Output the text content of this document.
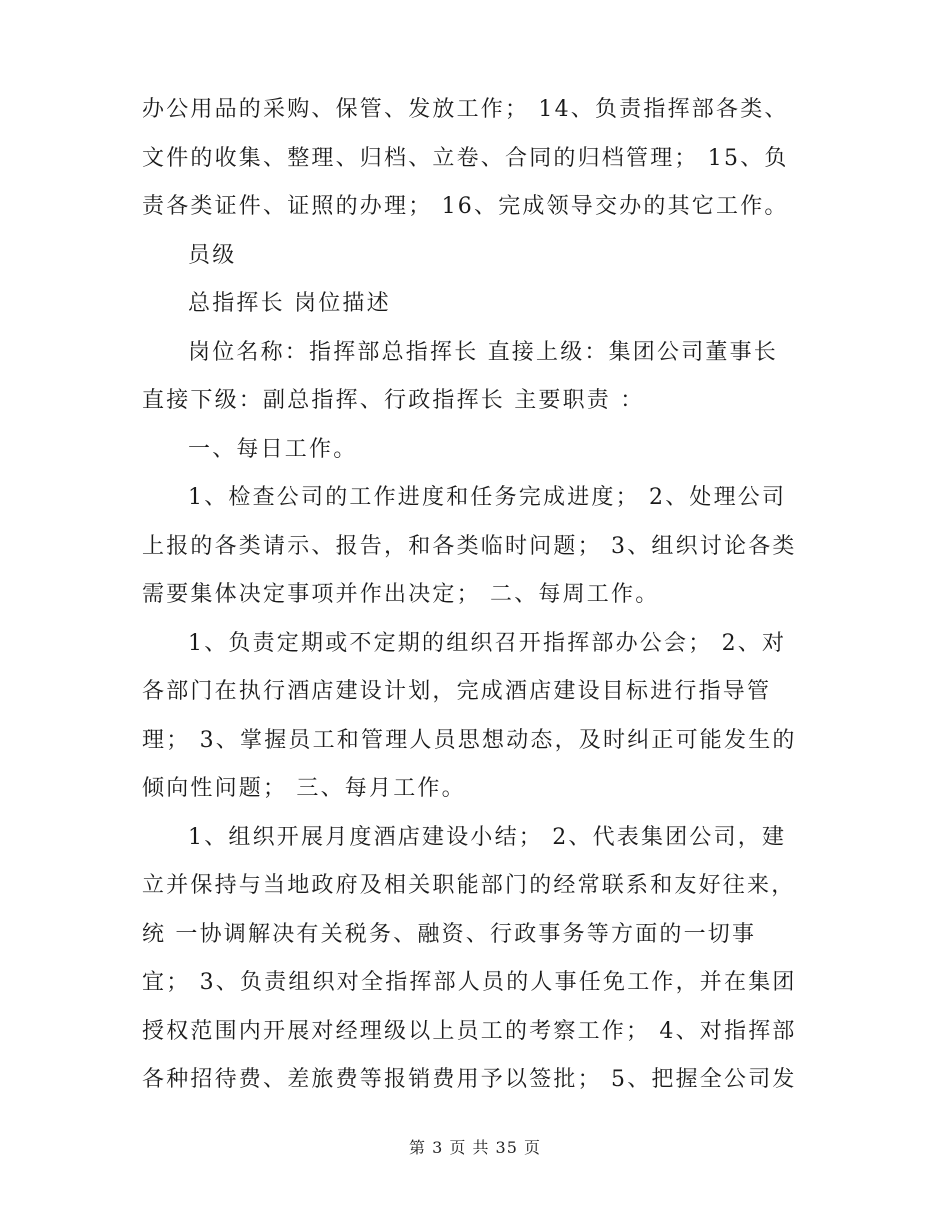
办公用品的采购、保管、发放工作； 14、负责指挥部各类、
文件的收集、整理、归档、立卷、合同的归档管理； 15、负
责各类证件、证照的办理； 16、完成领导交办的其它工作。
员级
总指挥长 岗位描述
岗位名称：指挥部总指挥长 直接上级：集团公司董事长
直接下级：副总指挥、行政指挥长 主要职责 ：
一、每日工作。
1、检查公司的工作进度和任务完成进度； 2、处理公司
上报的各类请示、报告，和各类临时问题； 3、组织讨论各类
需要集体决定事项并作出决定； 二、每周工作。
1、负责定期或不定期的组织召开指挥部办公会； 2、对
各部门在执行酒店建设计划，完成酒店建设目标进行指导管
理； 3、掌握员工和管理人员思想动态，及时纠正可能发生的
倾向性问题； 三、每月工作。
1、组织开展月度酒店建设小结； 2、代表集团公司，建
立并保持与当地政府及相关职能部门的经常联系和友好往来，
统 一协调解决有关税务、融资、行政事务等方面的一切事
宜； 3、负责组织对全指挥部人员的人事任免工作，并在集团
授权范围内开展对经理级以上员工的考察工作； 4、对指挥部
各种招待费、差旅费等报销费用予以签批； 5、把握全公司发
第 3 页 共 35 页
